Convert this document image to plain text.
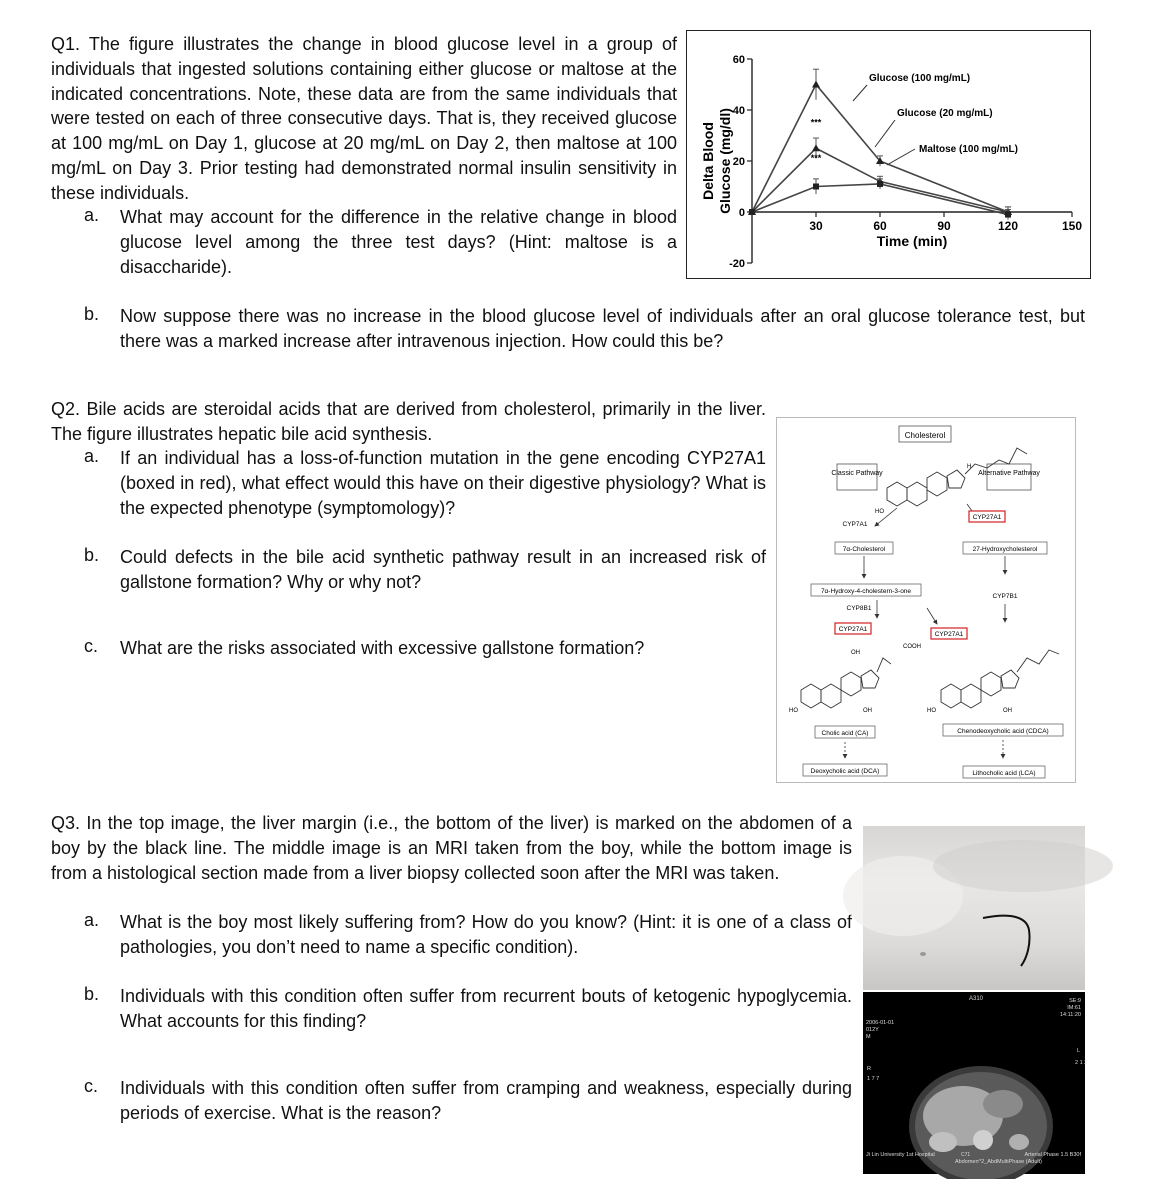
Q1. The figure illustrates the change in blood glucose level in a group of individuals that ingested solutions containing either glucose or maltose at the indicated concentrations. Note, these data are from the same individuals that were tested on each of three consecutive days. That is, they received glucose at 100 mg/mL on Day 1, glucose at 20 mg/mL on Day 2, then maltose at 100 mg/mL on Day 3. Prior testing had demonstrated normal insulin sensitivity in these individuals.
a. What may account for the difference in the relative change in blood glucose level among the three test days? (Hint: maltose is a disaccharide).	-20
0
20
40
60
30	60	90	120	150
Time (min)
Delta Blood Glucose (mg/dl)	***
***
Glucose (100 mg/mL)
Glucose (20 mg/mL)
Maltose (100 mg/mL)
b. Now suppose there was no increase in the blood glucose level of individuals after an oral glucose tolerance test, but there was a marked increase after intravenous injection. How could this be?
Q2. Bile acids are steroidal acids that are derived from cholesterol, primarily in the liver. The figure illustrates hepatic bile acid synthesis.
a. If an individual has a loss-of-function mutation in the gene encoding CYP27A1 (boxed in red), what effect would this have on their digestive physiology? What is the expected phenotype (symptomology)?
b. Could defects in the bile acid synthetic pathway result in an increased risk of gallstone formation? Why or why not?
c. What are the risks associated with excessive gallstone formation?
Cholesterol
Classic Pathway	Alternative Pathway
HO
H
CYP7A1
CYP27A1
7α-Cholesterol	27-Hydroxycholesterol
7α-Hydroxy-4-cholestern-3-one
CYP7B1
CYP8B1
CYP27A1
CYP27A1
COOH
OH
HO	OH	HO	OH
Cholic acid (CA)	Chenodeoxycholic acid (CDCA)
Deoxycholic acid (DCA)	Lithocholic acid (LCA)
Q3. In the top image, the liver margin (i.e., the bottom of the liver) is marked on the abdomen of a boy by the black line. The middle image is an MRI taken from the boy, while the bottom image is from a histological section made from a liver biopsy collected soon after the MRI was taken.
a. What is the boy most likely suffering from? How do you know? (Hint: it is one of a class of pathologies, you don’t need to name a specific condition).
b. Individuals with this condition often suffer from recurrent bouts of ketogenic hypoglycemia. What accounts for this finding?
c. Individuals with this condition often suffer from cramping and weakness, especially during periods of exercise. What is the reason?
A310	SE:9
IM:61
14:11:20
2006-01-01
012Y
M
R
1 7 7
L
2 1 2
Ji Lin University 1st Hospital	C71
Abdomen^2_AbdMultiPhase (Adult)
Arterial Phase 1.5 B30f
